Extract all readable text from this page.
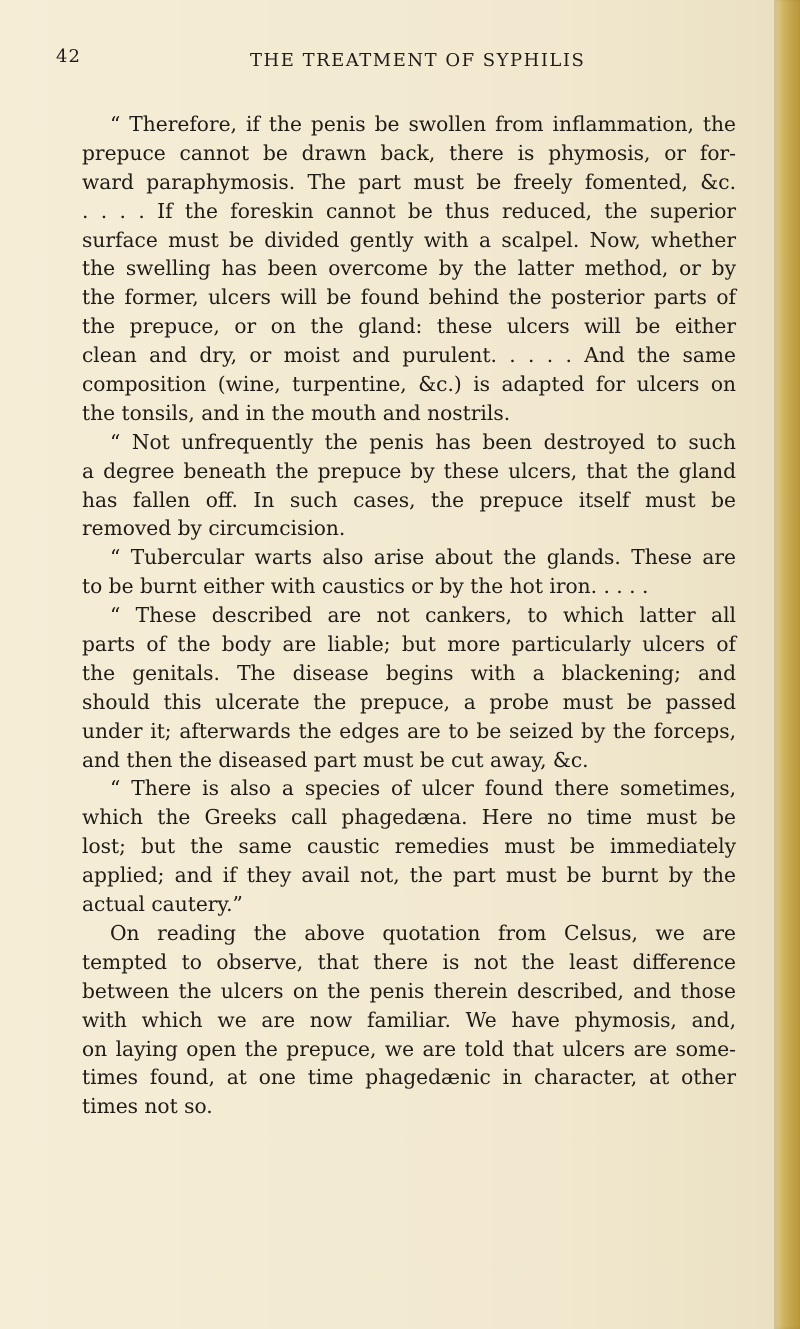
42	THE TREATMENT OF SYPHILIS
“ Therefore, if the penis be swollen from inflammation, the
prepuce cannot be drawn back, there is phymosis, or for-
ward paraphymosis. The part must be freely fomented, &c.
. . . . If the foreskin cannot be thus reduced, the superior
surface must be divided gently with a scalpel. Now, whether
the swelling has been overcome by the latter method, or by
the former, ulcers will be found behind the posterior parts of
the prepuce, or on the gland: these ulcers will be either
clean and dry, or moist and purulent. . . . . And the same
composition (wine, turpentine, &c.) is adapted for ulcers on
the tonsils, and in the mouth and nostrils.
“ Not unfrequently the penis has been destroyed to such
a degree beneath the prepuce by these ulcers, that the gland
has fallen off. In such cases, the prepuce itself must be
removed by circumcision.
“ Tubercular warts also arise about the glands. These are
to be burnt either with caustics or by the hot iron. . . . .
“ These described are not cankers, to which latter all
parts of the body are liable; but more particularly ulcers of
the genitals. The disease begins with a blackening; and
should this ulcerate the prepuce, a probe must be passed
under it; afterwards the edges are to be seized by the forceps,
and then the diseased part must be cut away, &c.
“ There is also a species of ulcer found there sometimes,
which the Greeks call phagedæna. Here no time must be
lost; but the same caustic remedies must be immediately
applied; and if they avail not, the part must be burnt by the
actual cautery.”
On reading the above quotation from Celsus, we are
tempted to observe, that there is not the least difference
between the ulcers on the penis therein described, and those
with which we are now familiar. We have phymosis, and,
on laying open the prepuce, we are told that ulcers are some-
times found, at one time phagedænic in character, at other
times not so.
